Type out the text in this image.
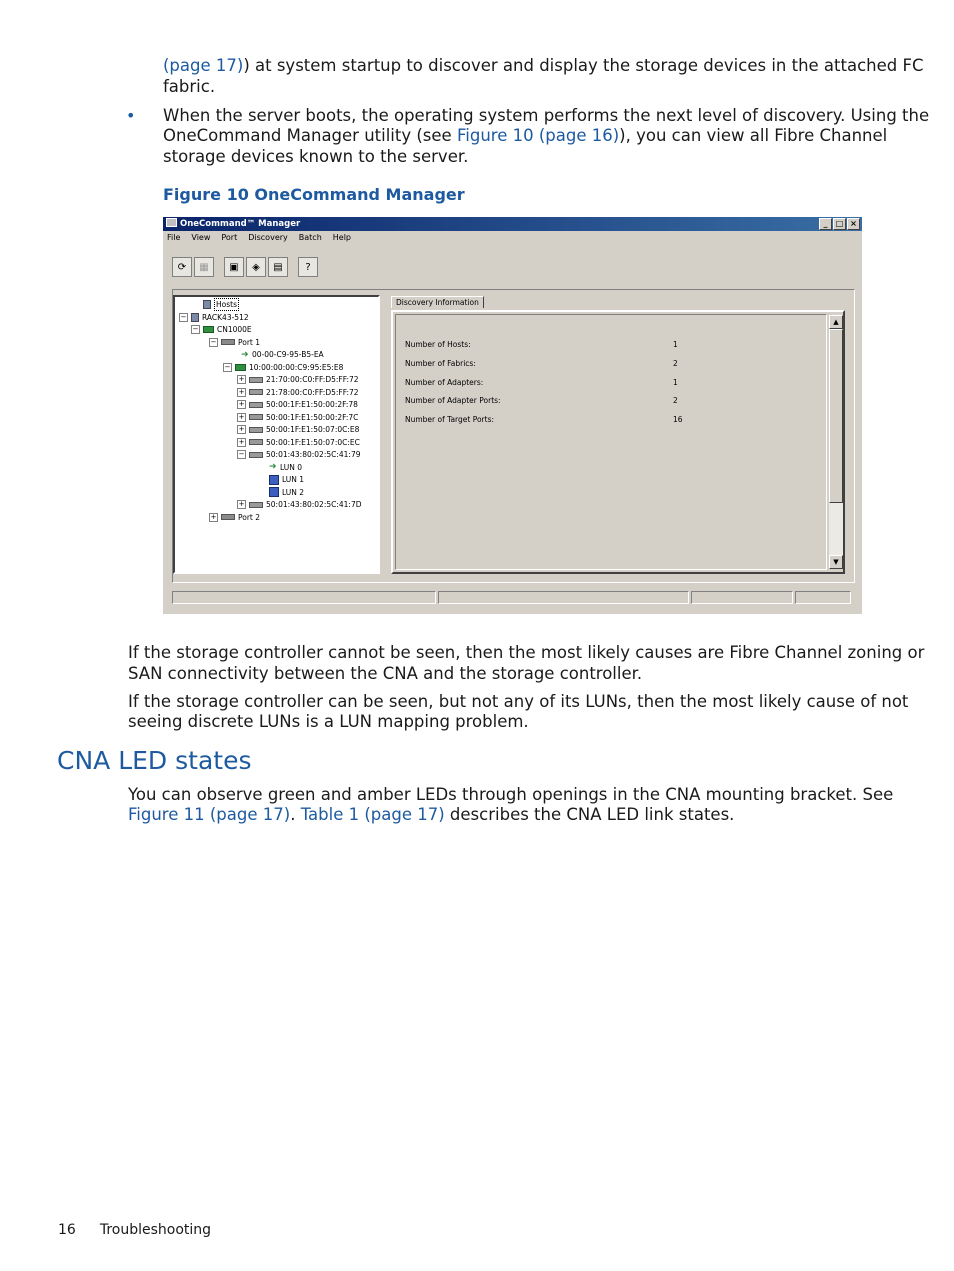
(page 17)) at system startup to discover and display the storage devices in the attached FC
fabric.
• When the server boots, the operating system performs the next level of discovery. Using the
OneCommand Manager utility (see Figure 10 (page 16)), you can view all Fibre Channel
storage devices known to the server.
Figure 10 OneCommand Manager
OneCommand™ Manager	_	□ ×
File View Port Discovery Batch Help
⟳	▦	▣	◈	▤	?
Hosts
− RACK43-512
− CN1000E
−	Port 1
➜ 00-00-C9-95-B5-EA
− 10:00:00:00:C9:95:E5:E8
+	21:70:00:C0:FF:D5:FF:72
+	21:78:00:C0:FF:D5:FF:72
+	50:00:1F:E1:50:00:2F:78
+	50:00:1F:E1:50:00:2F:7C
+	50:00:1F:E1:50:07:0C:E8
+	50:00:1F:E1:50:07:0C:EC
−	50:01:43:80:02:5C:41:79
➜ LUN 0
LUN 1
LUN 2
+	50:01:43:80:02:5C:41:7D
+	Port 2
Discovery Information
Number of Hosts:	1
Number of Fabrics:	2
Number of Adapters:	1
Number of Adapter Ports:	2
Number of Target Ports:	16
▲
▼
If the storage controller cannot be seen, then the most likely causes are Fibre Channel zoning or
SAN connectivity between the CNA and the storage controller.
If the storage controller can be seen, but not any of its LUNs, then the most likely cause of not
seeing discrete LUNs is a LUN mapping problem.
CNA LED states
You can observe green and amber LEDs through openings in the CNA mounting bracket. See
Figure 11 (page 17). Table 1 (page 17) describes the CNA LED link states.
16 Troubleshooting
